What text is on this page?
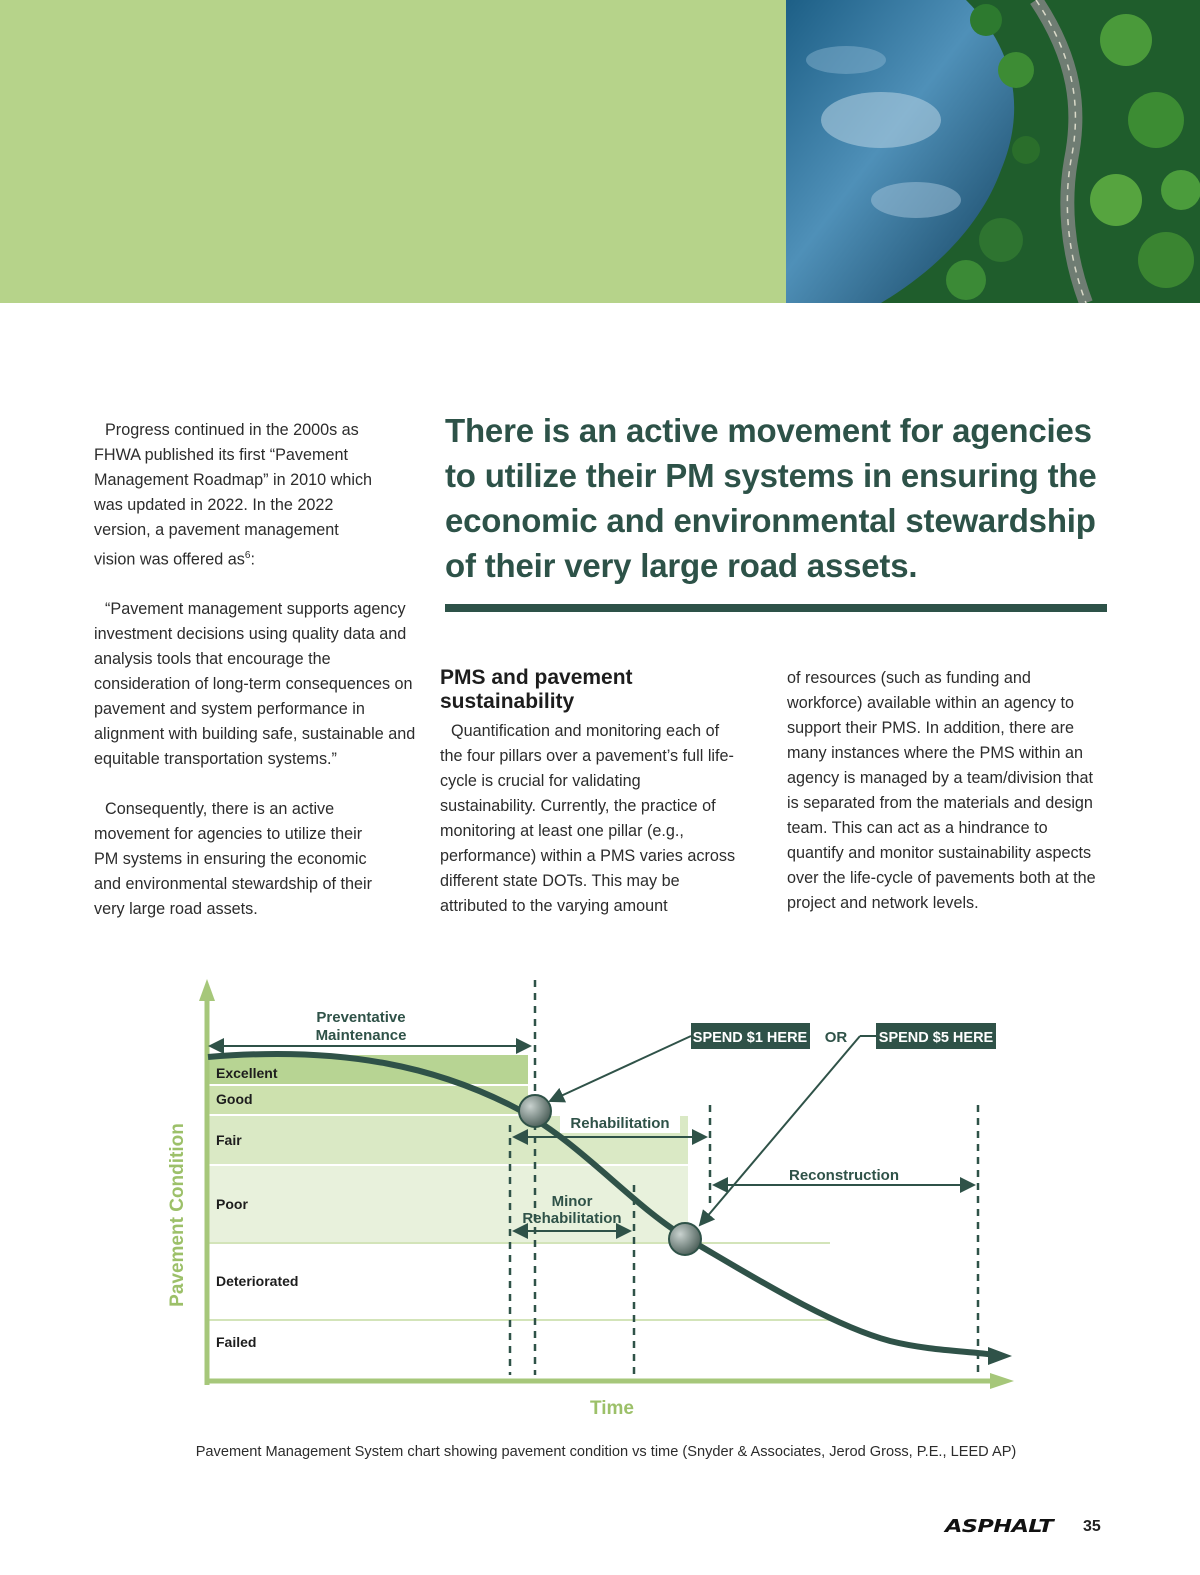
Progress continued in the 2000s as FHWA published its first “Pavement Management Roadmap” in 2010 which was updated in 2022. In the 2022 version, a pavement management vision was offered $as^6$:

“Pavement management supports agency investment decisions using quality data and analysis tools that encourage the consideration of long-term consequences on pavement and system performance in alignment with building safe, sustainable and equitable transportation systems.”

Consequently, there is an active movement for agencies to utilize their PM systems in ensuring the economic and environmental stewardship of their very large road assets.

There is an active movement for agencies to utilize their PM systems in ensuring the economic and environmental stewardship of their very large road assets.
PMS and pavement sustainability

Quantification and monitoring each of the four pillars over a pavement’s full life-cycle is crucial for validating sustainability. Currently, the practice of monitoring at least one pillar (e.g., performance) within a PMS varies across different state DOTs. This may be attributed to the varying amount

of resources (such as funding and workforce) available within an agency to support their PMS. In addition, there are many instances where the PMS within an agency is managed by a team/division that is separated from the materials and design team. This can act as a hindrance to quantify and monitor sustainability aspects over the life-cycle of pavements both at the project and network levels.

Excellent
Good
Fair
Poor
Deteriorated
Failed
Pavement Condition
Time
Preventative
Maintenance
Rehabilitation
Minor
Rehabilitation
Reconstruction
SPEND $1 HERE OR SPEND $5 HERE
Pavement Management System chart showing pavement condition vs time (Snyder & Associates, Jerod Gross, P.E., LEED AP)
ASPHALT 35
